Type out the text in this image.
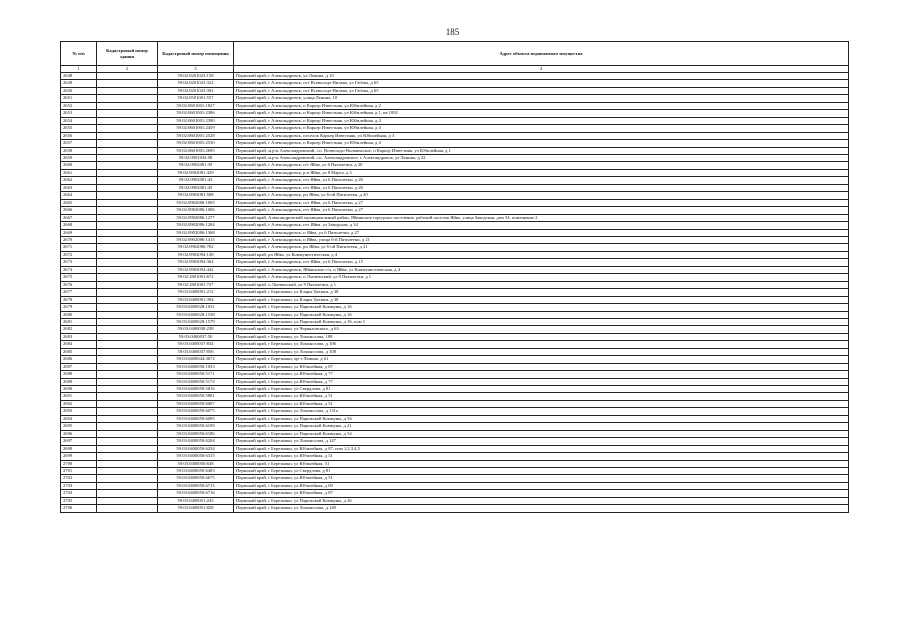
185
№ п/п	Кадастровый номер здания	Кадастровый номер помещения	Адрес объекта недвижимого имущества
1	2	3	4
2648		59:02:0201023:158	Пермский край, г Александровск, ул Ленина, д 10
2649		59:02:0201023:322	Пермский край, г Александровск, пгт Всеволодо-Вильва, ул Габова, д 65
2650		59:02:0201023:392	Пермский край, г Александровск, пгт Всеволодо-Вильва, ул Габова, д 65
2651		59:02:0501001:557	Пермский край, г Александровск, улица Ленина, 10
2652		59:02:0601001:1827	Пермский край, г Александровск, п Карьер Известняк, ул Юбилейная, д 2
2653		59:02:0601001:2386	Пермский край, г Александровск, п Карьер Известняк, ул Юбилейная, д 1, кв 1002
2654		59:02:0601001:2390	Пермский край, г Александровск, п Карьер Известняк, ул Юбилейная, д 4
2655		59:02:0601001:2459	Пермский край, г Александровск, п Карьер Известняк, ул Юбилейная, д 4
2656		59:02:0601001:2528	Пермский край, г Александровск, поселок Карьер Известняк, ул Юбилейная, д 3
2657		59:02:0601001:2530	Пермский край, г Александровск, п Карьер Известняк, ул Юбилейная, д 4
2658		59:02:0601001:2695	Пермский край, м.р-н Александровский, г.п. Всеволодо-Вильвенское, п Карьер Известняк, ул Юбилейная, д 1
2659		59:02:0901034:58	Пермский край, м.р-н Александровский, г.п. Александровское, г Александровск, ул Ленина, д 22
2660		59:02:0902081:39	Пермский край, г Александровск, п/т Яйва, ул 6 Пятилетки, д 20
2661		59:02:0902081:429	Пермский край, г Александровск, р.п Яйва, ул 8 Марта, д 3
2662		59:02:0902081:43	Пермский край, г Александровск, пгт Яйва, ул 6 Пятилетки, д 20
2663		59:02:0902081:45	Пермский край, г Александровск, пгт Яйва, ул 6 Пятилетки, д 20
2664		59:02:0902081:588	Пермский край, г Александровск, рп Яйва, ул 6-ой Пятилетки, д 20
2665		59:02:0902086:1005	Пермский край, г Александровск, пгт Яйва, ул 6 Пятилетки, д 27
2666		59:02:0902086:1006	Пермский край, г Александровск, пгт Яйва, ул 6 Пятилетки, д 27
2667		59:02:0902086:1277	Пермский край, Александровский муниципальный район, Яйвинское городское поселение, рабочий поселок Яйва, улица Заводская, дом 34, помещение 2
2668		59:02:0902086:1284	Пермский край, г Александровск, пгт Яйва, ул Заводская, д 34
2669		59:02:0902086:1368	Пермский край, г Александровск, п Яйва, ул 6 Пятилетки, д 27
2670		59:02:0902086:1415	Пермский край, г Александровск, п Яйва, улица 6-й Пятилетки, д 21
2671		59:02:0902086:782	Пермский край, г Александровск, рп Яйва, ул 6-ой Пятилетки, д 21
2672		59:02:0902094:138	Пермский край, рп Яйва, ул Коммунистическая, д 4
2673		59:02:0902094:364	Пермский край, г Александровск, пгт Яйва, ул 6 Пятилетки, д 15
2674		59:02:0902094:442	Пермский край, г Александровск, Яйвинское г/п, п Яйва, ул Коммунистическая, д 4
2675		59:02:2801001:672	Пермский край, г Александровск, п Лытвенский, ул 9 Пятилетки, д 1
2676		59:02:2801001:727	Пермский край, п Лытвенский, ул 9 Пятилетки, д 1
2677		59:03:0400001:212	Пермский край, г Березники, ул Клары Цеткин, д 38
2678		59:03:0400001:394	Пермский край, г Березники, ул Клары Цеткин, д 38
2679		59:03:0400028:1031	Пермский край, г Березники, ул Парижской Коммуны, д 16
2680		59:03:0400028:1538	Пермский край, г Березники, ул Парижской Коммуны, д 16
2681		59:03:0400028:1579	Пермский край, г Березники, ул Парижской Коммуны, д 16, пом 1
2682		59:03:0400030:238	Пермский край, г Березники, ул Черняховского, д 63
2683		59:03:0400037:50	Пермский край, г Березники, ул Ломоносова, 108
2684		59:03:0400037:834	Пермский край, г Березники, ул Ломоносова, д 106
2685		59:03:0400037:856	Пермский край, г Березники, ул Ломоносова, д 108
2686		59:03:0400044:3672	Пермский край, г Березники, пр-т Ленина, д 61
2687		59:03:0400050:1033	Пермский край, г Березники, ул Юбилейная, д 87
2688		59:03:0400050:5171	Пермский край, г Березники, ул Юбилейная, д 77
2689		59:03:0400050:5174	Пермский край, г Березники, ул Юбилейная, д 77
2690		59:03:0400050:5816	Пермский край, г Березники, ул Свердлова, д 81
2691		59:03:0400050:5881	Пермский край, г Березники, ул Юбилейная, д 51
2692		59:03:0400050:6007	Пермский край, г Березники, ул Юбилейная, д 51
2693		59:03:0400050:6075	Пермский край, г Березники, ул Ломоносова, д 131а
2694		59:03:0400050:6095	Пермский край, г Березники, ул Парижской Коммуны, д 54
2695		59:03:0400050:6109	Пермский край, г Березники, ул Парижской Коммуны, д 21
2696		59:03:0400050:6186	Пермский край, г Березники, ул Парижской Коммуны, д 54
2697		59:03:0400050:6204	Пермский край, г Березники, ул Ломоносова, д 147
2698		59:03:0400050:6234	Пермский край, г Березники, ул Юбилейная, д 87, пом 1,2,3,4,5
2699		59:03:0400050:6315	Пермский край, г Березники, ул Юбилейная, д 51
2700		59:03:0400050:638	Пермский край, г Березники, ул Юбилейная, 51
2701		59:03:0400050:6483	Пермский край, г Березники, ул Свердлова, д 81
2702		59:03:0400050:6675	Пермский край, г Березники, ул Юбилейная, д 51
2703		59:03:0400050:6715	Пермский край, г Березники, ул Юбилейная, д 69
2704		59:03:0400050:6716	Пермский край, г Березники, ул Юбилейная, д 87
2705		59:03:0400051:245	Пермский край, г Березники, ул Парижской Коммуны, д 26
2706		59:03:0400051:828	Пермский край, г Березники, ул Ломоносова, д 149
